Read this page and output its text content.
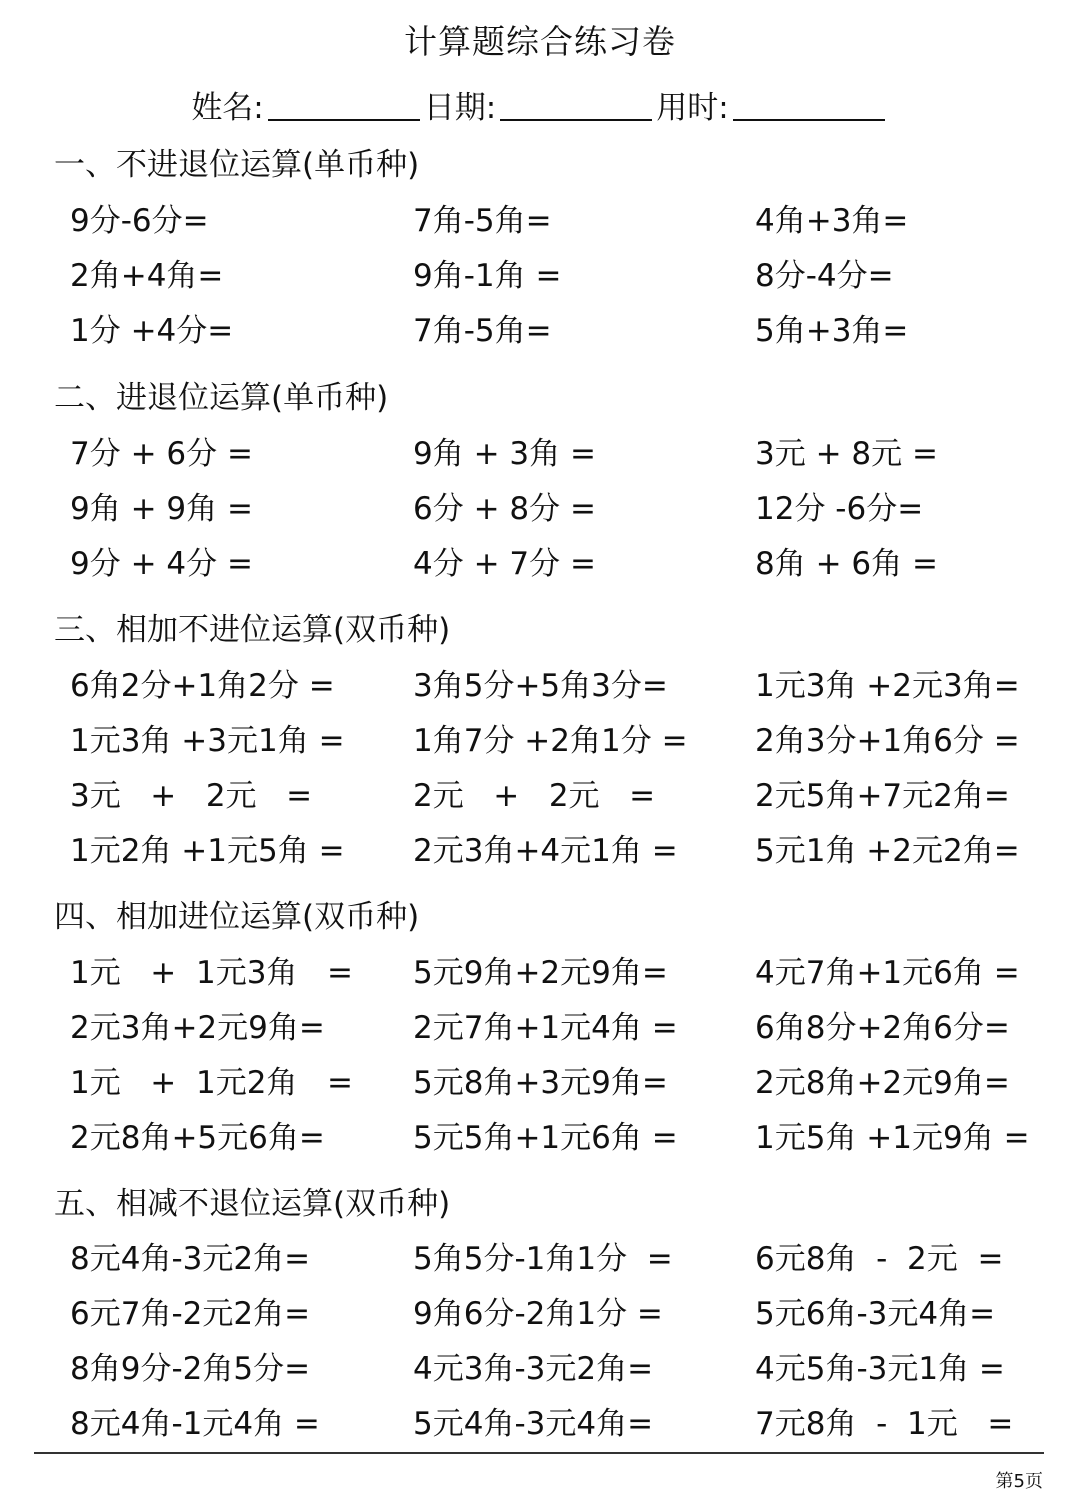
计算题综合练习卷
姓名:	日期:	用时:
一、不进退位运算(单币种)
9分-6分=	7角-5角=	4角+3角=
2角+4角=	9角-1角 =	8分-4分=
1分 +4分=	7角-5角=	5角+3角=
二、进退位运算(单币种)
7分 + 6分 =	9角 + 3角 =	3元 + 8元 =
9角 + 9角 =	6分 + 8分 =	12分 -6分=
9分 + 4分 =	4分 + 7分 =	8角 + 6角 =
三、相加不进位运算(双币种)
6角2分+1角2分 =	3角5分+5角3分=	1元3角 +2元3角=
1元3角 +3元1角 = 1角7分 +2角1分 = 2角3分+1角6分 =
3元   +   2元   =	2元   +   2元   =	2元5角+7元2角=
1元2角 +1元5角 = 2元3角+4元1角 = 5元1角 +2元2角=
四、相加进位运算(双币种)
1元   +  1元3角   = 5元9角+2元9角=	4元7角+1元6角 =
2元3角+2元9角=	2元7角+1元4角 = 6角8分+2角6分=
1元   +  1元2角   = 5元8角+3元9角=	2元8角+2元9角=
2元8角+5元6角=	5元5角+1元6角 = 1元5角 +1元9角 =
五、相减不退位运算(双币种)
8元4角-3元2角=	5角5分-1角1分  =	6元8角  -  2元  =
6元7角-2元2角=	9角6分-2角1分 =	5元6角-3元4角=
8角9分-2角5分=	4元3角-3元2角=	4元5角-3元1角 =
8元4角-1元4角 =	5元4角-3元4角=	7元8角  -  1元   =
第5页
